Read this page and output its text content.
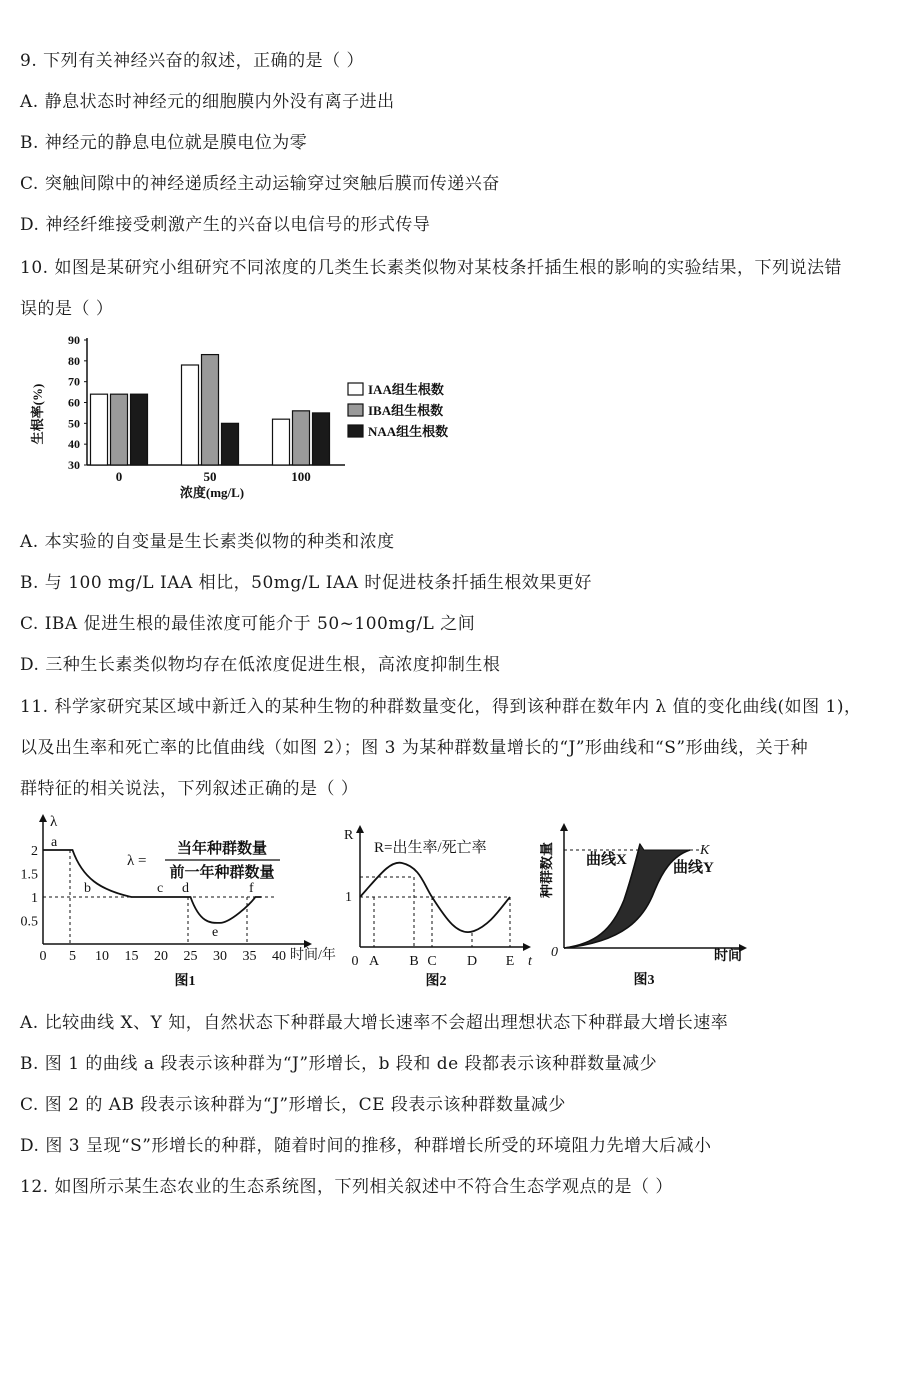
9. 下列有关神经兴奋的叙述，正确的是（ ）
A. 静息状态时神经元的细胞膜内外没有离子进出
B. 神经元的静息电位就是膜电位为零
C. 突触间隙中的神经递质经主动运输穿过突触后膜而传递兴奋
D. 神经纤维接受刺激产生的兴奋以电信号的形式传导
10. 如图是某研究小组研究不同浓度的几类生长素类似物对某枝条扦插生根的影响的实验结果，下列说法错
误的是（ ）
生根率(%)
30
40
50
60
70
80
90
0	50	100
浓度(mg/L)
IAA组生根数
IBA组生根数
NAA组生根数
A. 本实验的自变量是生长素类似物的种类和浓度
B. 与 100 mg/L IAA 相比，50mg/L IAA 时促进枝条扦插生根效果更好
C. IBA 促进生根的最佳浓度可能介于 50~100mg/L 之间
D. 三种生长素类似物均存在低浓度促进生根，高浓度抑制生根
11. 科学家研究某区域中新迁入的某种生物的种群数量变化，得到该种群在数年内 λ 值的变化曲线(如图 1)，
以及出生率和死亡率的比值曲线（如图 2）；图 3 为某种群数量增长的“J”形曲线和“S”形曲线，关于种
群特征的相关说法，下列叙述正确的是（ ）
λ
0 5 10 15 20 25 30 35 40
0.5
1
1.5
2
a
b	c d
e
f
λ =
当年种群数量
前一年种群数量
时间/年
图1
R
R=出生率/死亡率
1
0 A B C D E t
图2
种群数量
0
K
曲线X	曲线Y
时间
图3
A. 比较曲线 X、Y 知，自然状态下种群最大增长速率不会超出理想状态下种群最大增长速率
B. 图 1 的曲线 a 段表示该种群为“J”形增长，b 段和 de 段都表示该种群数量减少
C. 图 2 的 AB 段表示该种群为“J”形增长，CE 段表示该种群数量减少
D. 图 3 呈现“S”形增长的种群，随着时间的推移，种群增长所受的环境阻力先增大后减小
12. 如图所示某生态农业的生态系统图，下列相关叙述中不符合生态学观点的是（ ）
